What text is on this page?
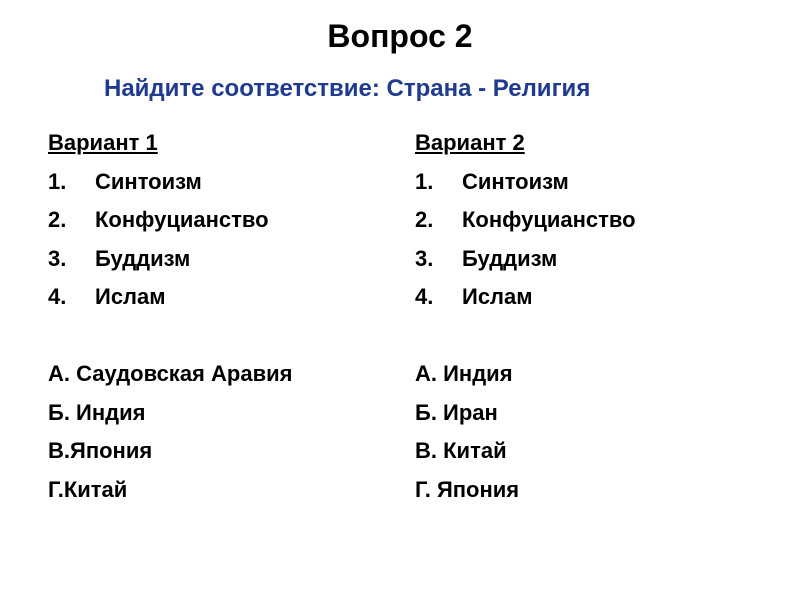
Вопрос 2
Найдите соответствие: Страна - Религия
Вариант 1
1. Синтоизм
2. Конфуцианство
3. Буддизм
4. Ислам
А. Саудовская Аравия
Б. Индия
В.Япония
Г.Китай
Вариант 2
1. Синтоизм
2. Конфуцианство
3. Буддизм
4. Ислам
А. Индия
Б. Иран
В. Китай
Г. Япония
